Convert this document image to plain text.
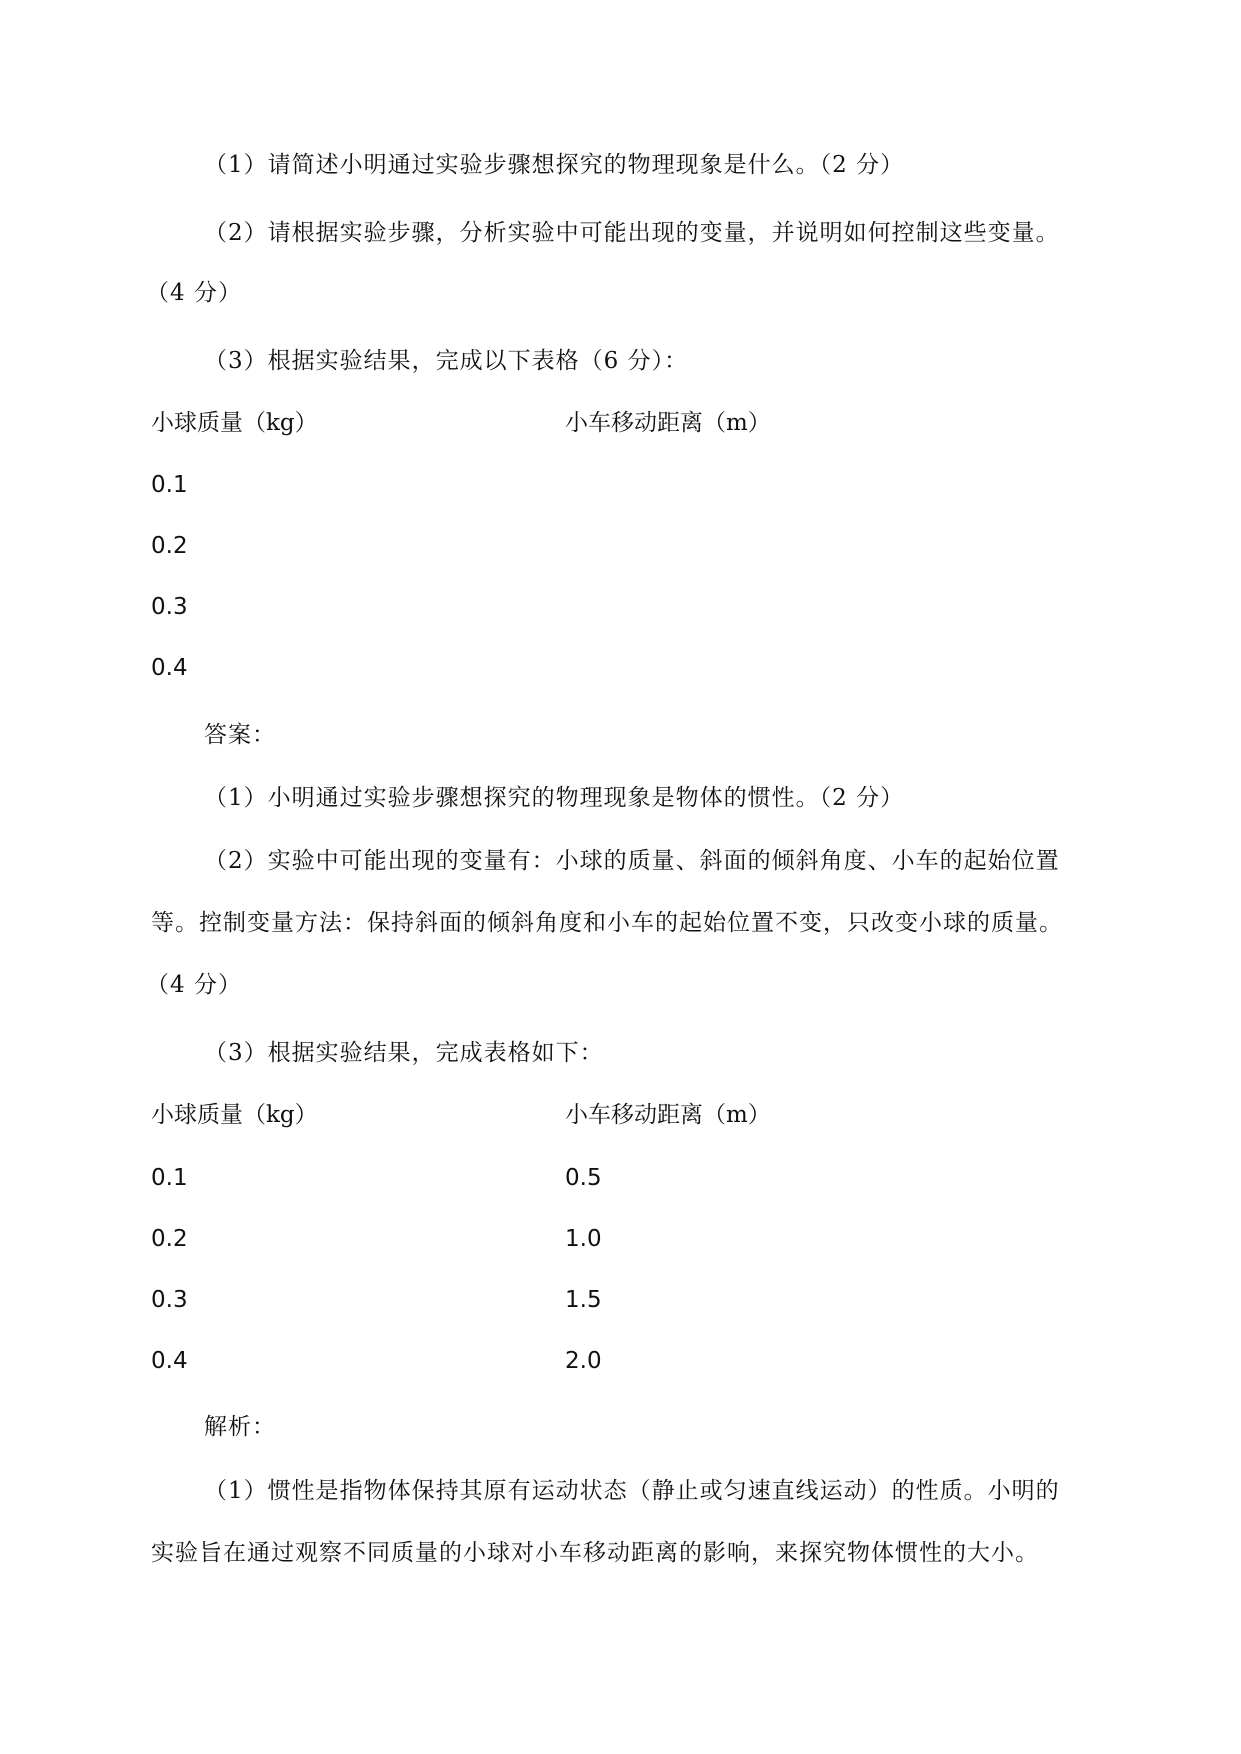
（1）请简述小明通过实验步骤想探究的物理现象是什么。（2 分）
（2）请根据实验步骤，分析实验中可能出现的变量，并说明如何控制这些变量。
（4 分）
（3）根据实验结果，完成以下表格（6 分）：
小球质量（kg）	小车移动距离（m）
0.1
0.2
0.3
0.4
答案：
（1）小明通过实验步骤想探究的物理现象是物体的惯性。（2 分）
（2）实验中可能出现的变量有：小球的质量、斜面的倾斜角度、小车的起始位置
等。控制变量方法：保持斜面的倾斜角度和小车的起始位置不变，只改变小球的质量。
（4 分）
（3）根据实验结果，完成表格如下：
小球质量（kg）	小车移动距离（m）
0.1	0.5
0.2	1.0
0.3	1.5
0.4	2.0
解析：
（1）惯性是指物体保持其原有运动状态（静止或匀速直线运动）的性质。小明的
实验旨在通过观察不同质量的小球对小车移动距离的影响，来探究物体惯性的大小。
